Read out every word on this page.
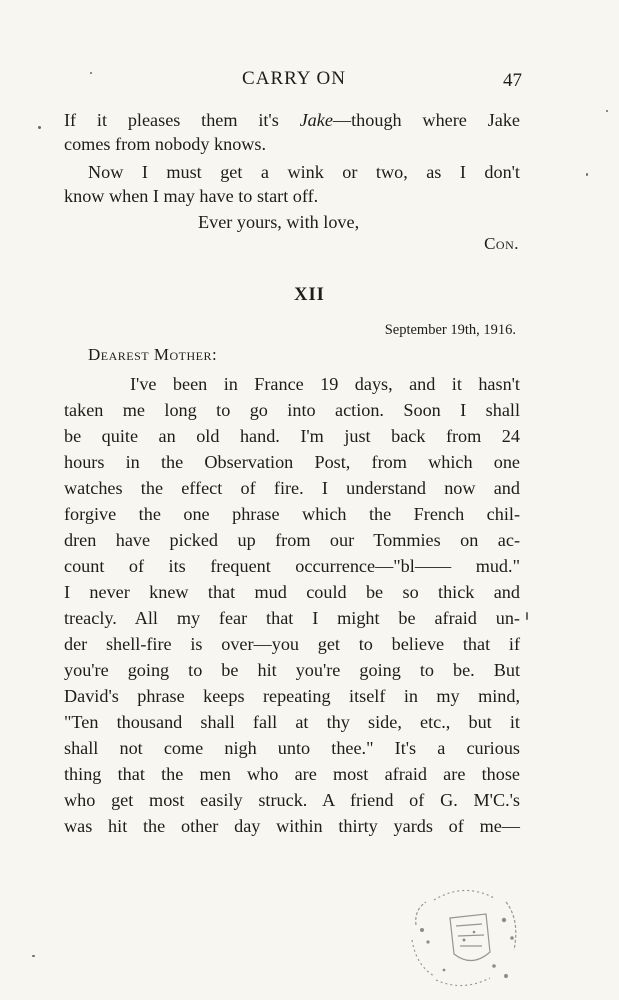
CARRY ON	47
If it pleases them it's Jake—though where Jake
comes from nobody knows.
Now I must get a wink or two, as I don't
know when I may have to start off.
Ever yours, with love,
Con.
XII
September 19th, 1916.
Dearest Mother:
I've been in France 19 days, and it hasn't
taken me long to go into action. Soon I shall
be quite an old hand. I'm just back from 24
hours in the Observation Post, from which one
watches the effect of fire. I understand now and
forgive the one phrase which the French chil-
dren have picked up from our Tommies on ac-
count of its frequent occurrence—"bl—— mud."
I never knew that mud could be so thick and
treacly. All my fear that I might be afraid un-
der shell-fire is over—you get to believe that if
you're going to be hit you're going to be. But
David's phrase keeps repeating itself in my mind,
"Ten thousand shall fall at thy side, etc., but it
shall not come nigh unto thee." It's a curious
thing that the men who are most afraid are those
who get most easily struck. A friend of G. M'C.'s
was hit the other day within thirty yards of me—
